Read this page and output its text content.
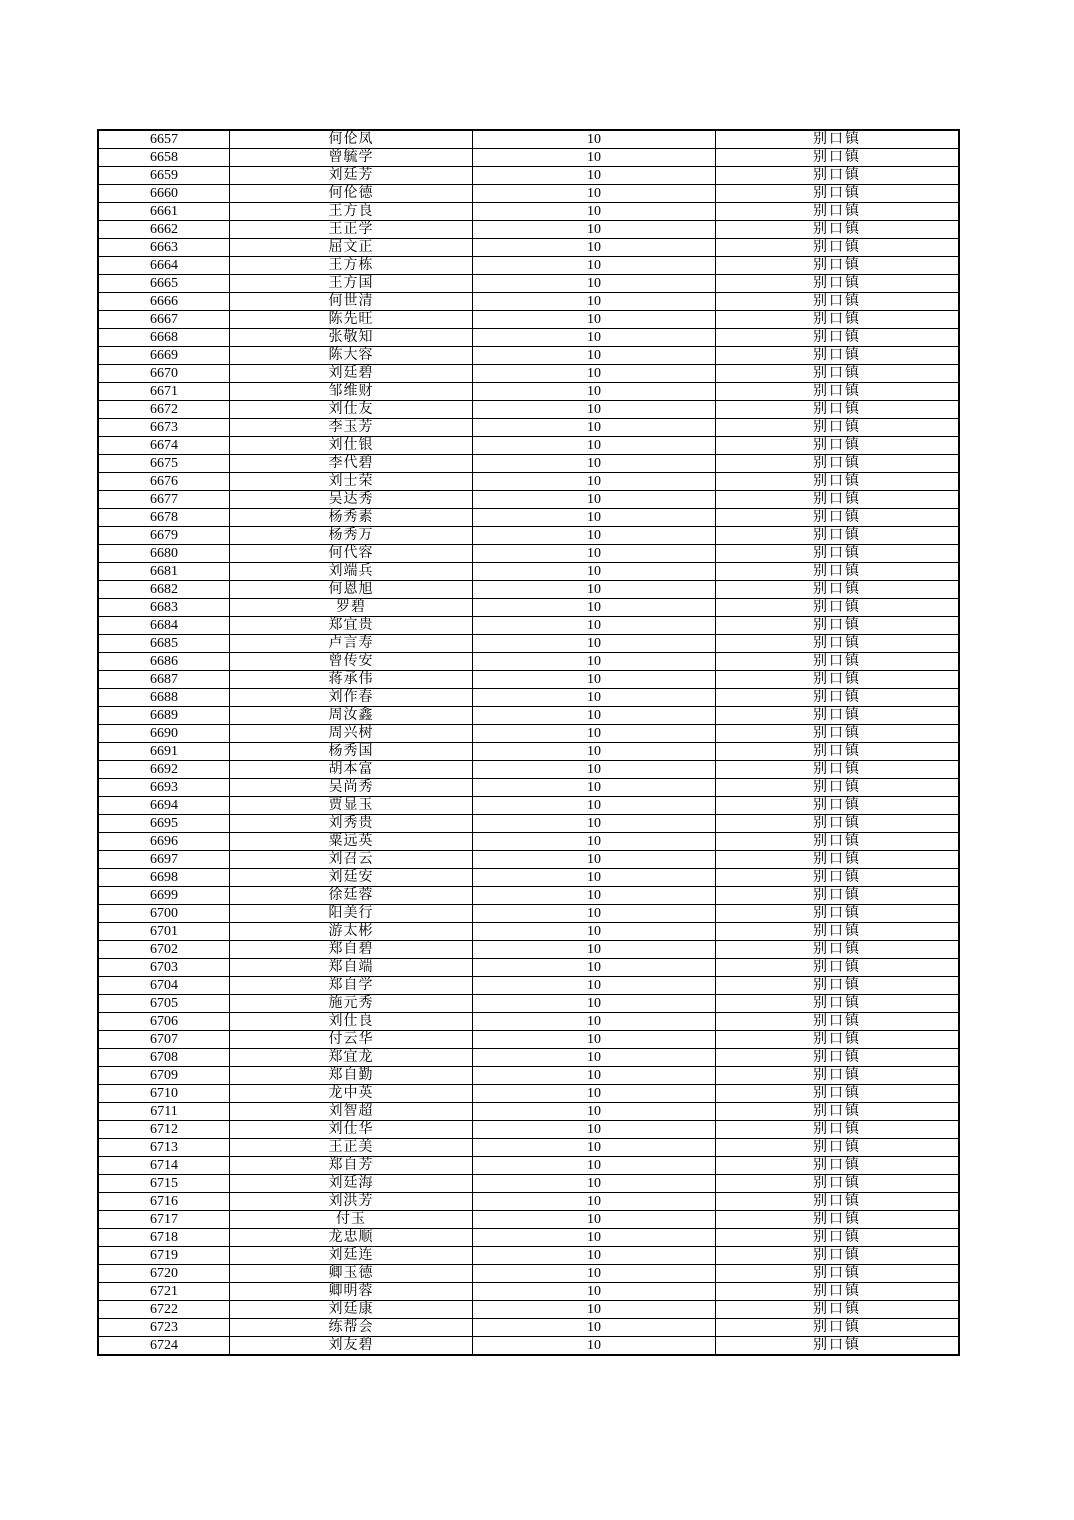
6657	何伦凤	10	别口镇
6658	曾毓学	10	别口镇
6659	刘廷芳	10	别口镇
6660	何伦德	10	别口镇
6661	王方良	10	别口镇
6662	王正学	10	别口镇
6663	屈文正	10	别口镇
6664	王方栋	10	别口镇
6665	王方国	10	别口镇
6666	何世清	10	别口镇
6667	陈先旺	10	别口镇
6668	张敬知	10	别口镇
6669	陈大容	10	别口镇
6670	刘廷碧	10	别口镇
6671	邹维财	10	别口镇
6672	刘仕友	10	别口镇
6673	李玉芳	10	别口镇
6674	刘仕银	10	别口镇
6675	李代碧	10	别口镇
6676	刘士荣	10	别口镇
6677	吴达秀	10	别口镇
6678	杨秀素	10	别口镇
6679	杨秀万	10	别口镇
6680	何代容	10	别口镇
6681	刘端兵	10	别口镇
6682	何恩旭	10	别口镇
6683	罗碧	10	别口镇
6684	郑宜贵	10	别口镇
6685	卢言寿	10	别口镇
6686	曾传安	10	别口镇
6687	蒋承伟	10	别口镇
6688	刘作春	10	别口镇
6689	周汝鑫	10	别口镇
6690	周兴树	10	别口镇
6691	杨秀国	10	别口镇
6692	胡本富	10	别口镇
6693	吴尚秀	10	别口镇
6694	贾显玉	10	别口镇
6695	刘秀贵	10	别口镇
6696	粟远英	10	别口镇
6697	刘召云	10	别口镇
6698	刘廷安	10	别口镇
6699	徐廷蓉	10	别口镇
6700	阳美行	10	别口镇
6701	游太彬	10	别口镇
6702	郑自碧	10	别口镇
6703	郑自端	10	别口镇
6704	郑自学	10	别口镇
6705	施元秀	10	别口镇
6706	刘仕良	10	别口镇
6707	付云华	10	别口镇
6708	郑宜龙	10	别口镇
6709	郑自勤	10	别口镇
6710	龙中英	10	别口镇
6711	刘智超	10	别口镇
6712	刘仕华	10	别口镇
6713	王正美	10	别口镇
6714	郑自芳	10	别口镇
6715	刘廷海	10	别口镇
6716	刘洪芳	10	别口镇
6717	付玉	10	别口镇
6718	龙忠顺	10	别口镇
6719	刘廷连	10	别口镇
6720	卿玉德	10	别口镇
6721	卿明蓉	10	别口镇
6722	刘廷康	10	别口镇
6723	练帮会	10	别口镇
6724	刘友碧	10	别口镇
